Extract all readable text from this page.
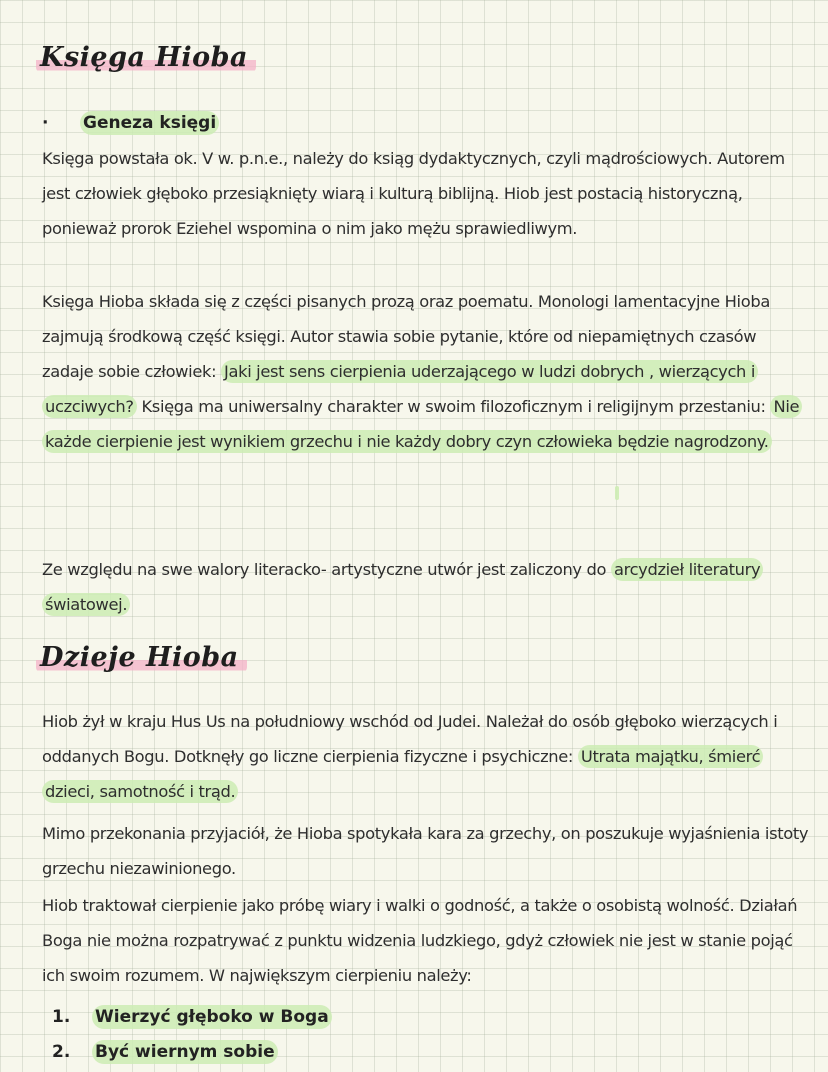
Księga Hioba
· Geneza księgi
Księga powstała ok. V w. p.n.e., należy do ksiąg dydaktycznych, czyli mądrościowych. Autorem jest człowiek głęboko przesiąknięty wiarą i kulturą biblijną. Hiob jest postacią historyczną, ponieważ prorok Eziehel wspomina o nim jako mężu sprawiedliwym.
Księga Hioba składa się z części pisanych prozą oraz poematu. Monologi lamentacyjne Hioba zajmują środkową część księgi. Autor stawia sobie pytanie, które od niepamiętnych czasów zadaje sobie człowiek: Jaki jest sens cierpienia uderzającego w ludzi dobrych , wierzących i uczciwych? Księga ma uniwersalny charakter w swoim filozoficznym i religijnym przestaniu: Nie każde cierpienie jest wynikiem grzechu i nie każdy dobry czyn człowieka będzie nagrodzony.
Ze względu na swe walory literacko- artystyczne utwór jest zaliczony do arcydzieł literatury światowej.
Dzieje Hioba
Hiob żył w kraju Hus Us na południowy wschód od Judei. Należał do osób głęboko wierzących i oddanych Bogu. Dotknęły go liczne cierpienia fizyczne i psychiczne: Utrata majątku, śmierć dzieci, samotność i trąd.
Mimo przekonania przyjaciół, że Hioba spotykała kara za grzechy, on poszukuje wyjaśnienia istoty grzechu niezawinionego.
Hiob traktował cierpienie jako próbę wiary i walki o godność, a także o osobistą wolność. Działań Boga nie można rozpatrywać z punktu widzenia ludzkiego, gdyż człowiek nie jest w stanie pojąć ich swoim rozumem. W największym cierpieniu należy:
1. Wierzyć głęboko w Boga
2. Być wiernym sobie
